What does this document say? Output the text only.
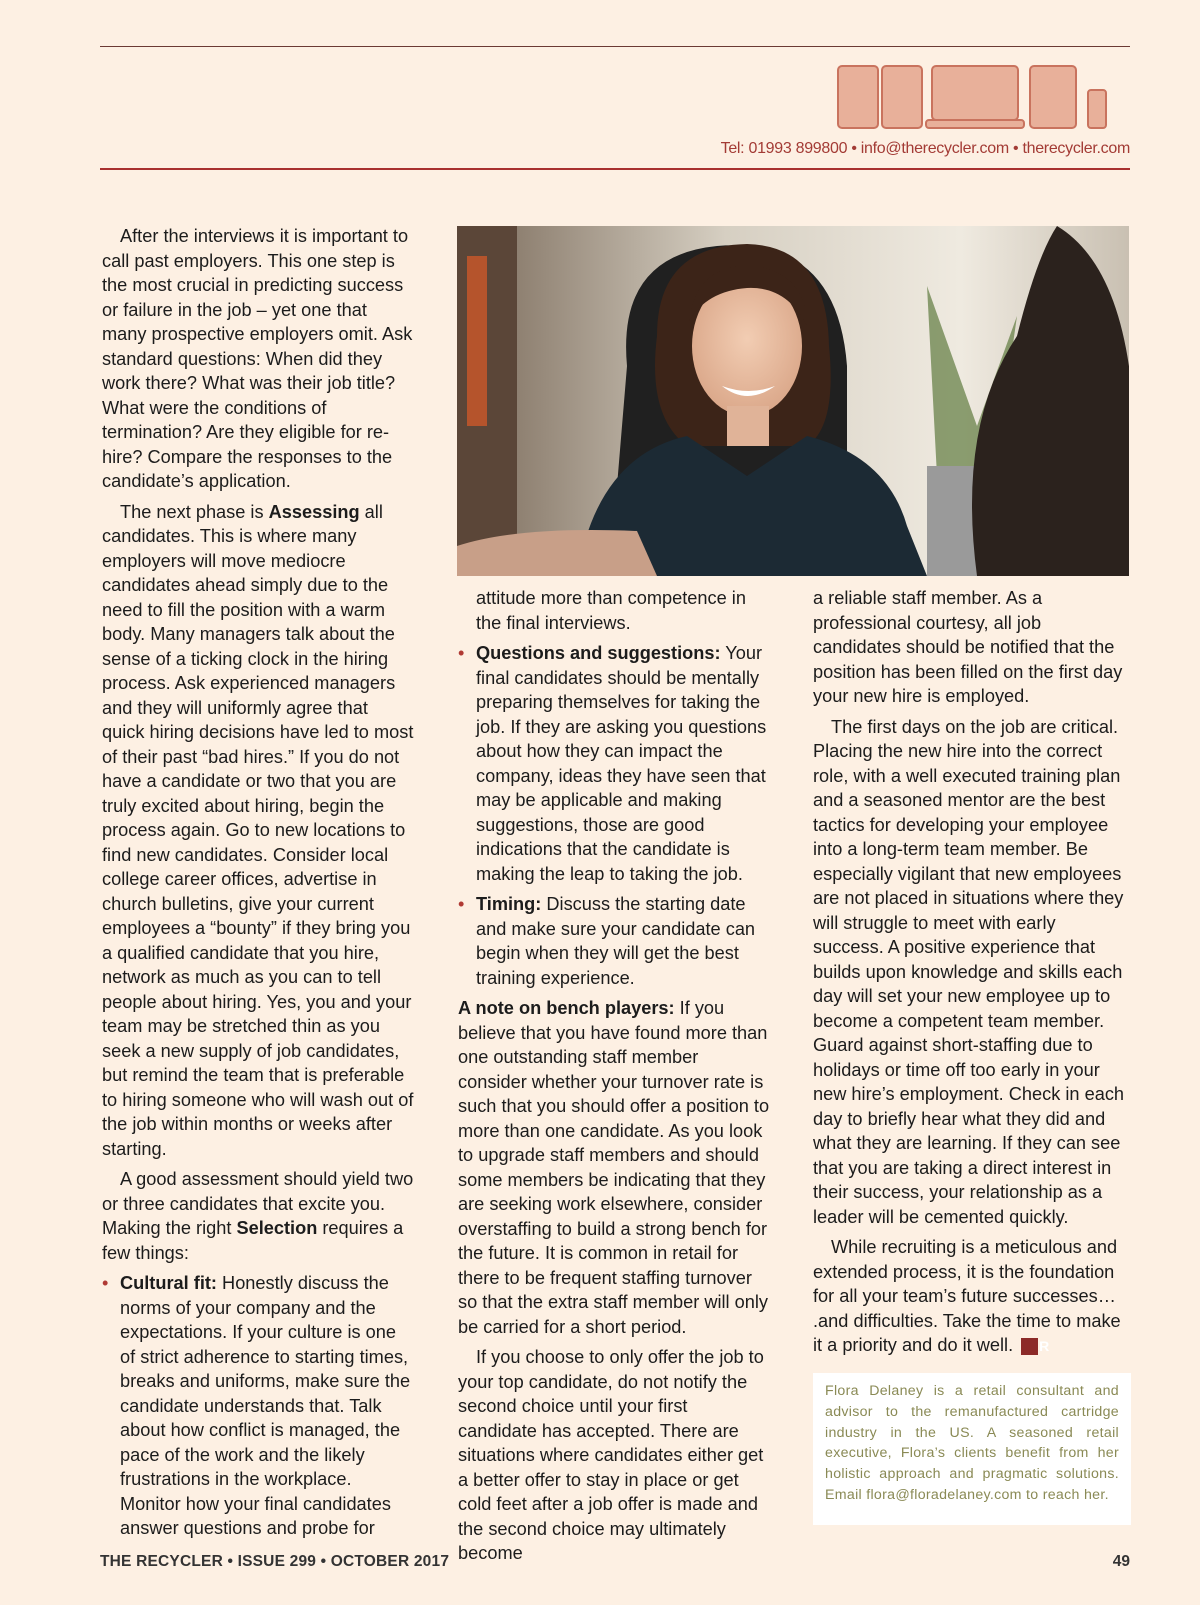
Tel: 01993 899800 • info@therecycler.com • therecycler.com

After the interviews it is important to call past employers. This one step is the most crucial in predicting success or failure in the job – yet one that many prospective employers omit. Ask standard questions: When did they work there? What was their job title? What were the conditions of termination? Are they eligible for re-hire? Compare the responses to the candidate’s application.

The next phase is Assessing all candidates. This is where many employers will move mediocre candidates ahead simply due to the need to fill the position with a warm body. Many managers talk about the sense of a ticking clock in the hiring process. Ask experienced managers and they will uniformly agree that quick hiring decisions have led to most of their past “bad hires.” If you do not have a candidate or two that you are truly excited about hiring, begin the process again. Go to new locations to find new candidates. Consider local college career offices, advertise in church bulletins, give your current employees a “bounty” if they bring you a qualified candidate that you hire, network as much as you can to tell people about hiring. Yes, you and your team may be stretched thin as you seek a new supply of job candidates, but remind the team that is preferable to hiring someone who will wash out of the job within months or weeks after starting.

A good assessment should yield two or three candidates that excite you. Making the right Selection requires a few things:

• Cultural fit: Honestly discuss the norms of your company and the expectations. If your culture is one of strict adherence to starting times, breaks and uniforms, make sure the candidate understands that. Talk about how conflict is managed, the pace of the work and the likely frustrations in the workplace. Monitor how your final candidates answer questions and probe for
attitude more than competence in the final interviews.
• Questions and suggestions: Your final candidates should be mentally preparing themselves for taking the job. If they are asking you questions about how they can impact the company, ideas they have seen that may be applicable and making suggestions, those are good indications that the candidate is making the leap to taking the job.
• Timing: Discuss the starting date and make sure your candidate can begin when they will get the best training experience.

A note on bench players: If you believe that you have found more than one outstanding staff member consider whether your turnover rate is such that you should offer a position to more than one candidate. As you look to upgrade staff members and should some members be indicating that they are seeking work elsewhere, consider overstaffing to build a strong bench for the future. It is common in retail for there to be frequent staffing turnover so that the extra staff member will only be carried for a short period.

If you choose to only offer the job to your top candidate, do not notify the second choice until your first candidate has accepted. There are situations where candidates either get a better offer to stay in place or get cold feet after a job offer is made and the second choice may ultimately become

a reliable staff member. As a professional courtesy, all job candidates should be notified that the position has been filled on the first day your new hire is employed.

The first days on the job are critical. Placing the new hire into the correct role, with a well executed training plan and a seasoned mentor are the best tactics for developing your employee into a long-term team member. Be especially vigilant that new employees are not placed in situations where they will struggle to meet with early success. A positive experience that builds upon knowledge and skills each day will set your new employee up to become a competent team member. Guard against short-staffing due to holidays or time off too early in your new hire’s employment. Check in each day to briefly hear what they did and what they are learning. If they can see that you are taking a direct interest in their success, your relationship as a leader will be cemented quickly.

While recruiting is a meticulous and extended process, it is the foundation for all your team’s future successes… .and difficulties. Take the time to make it a priority and do it well. R

Flora Delaney is a retail consultant and advisor to the remanufactured cartridge industry in the US. A seasoned retail executive, Flora’s clients benefit from her holistic approach and pragmatic solutions. Email flora@floradelaney.com to reach her.
THE RECYCLER • ISSUE 299 • OCTOBER 2017	49
